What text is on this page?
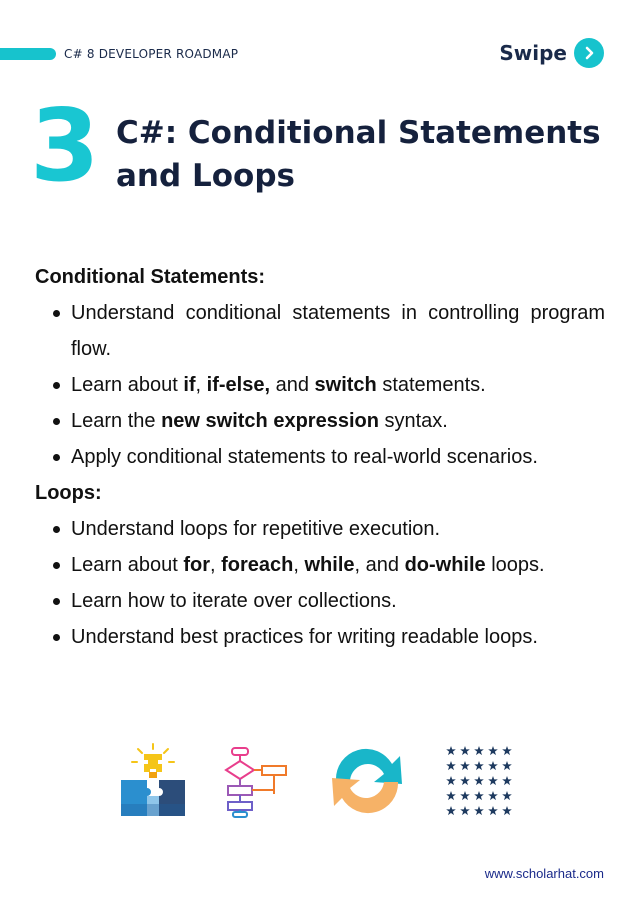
C# 8 DEVELOPER ROADMAP	Swipe
3 C#: Conditional Statements
and Loops
Conditional Statements:
Understand conditional statements in controlling program flow.
Learn about if, if-else, and switch statements.
Learn the new switch expression syntax.
Apply conditional statements to real-world scenarios.
Loops:
Understand loops for repetitive execution.
Learn about for, foreach, while, and do-while loops.
Learn how to iterate over collections.
Understand best practices for writing readable loops.
www.scholarhat.com
